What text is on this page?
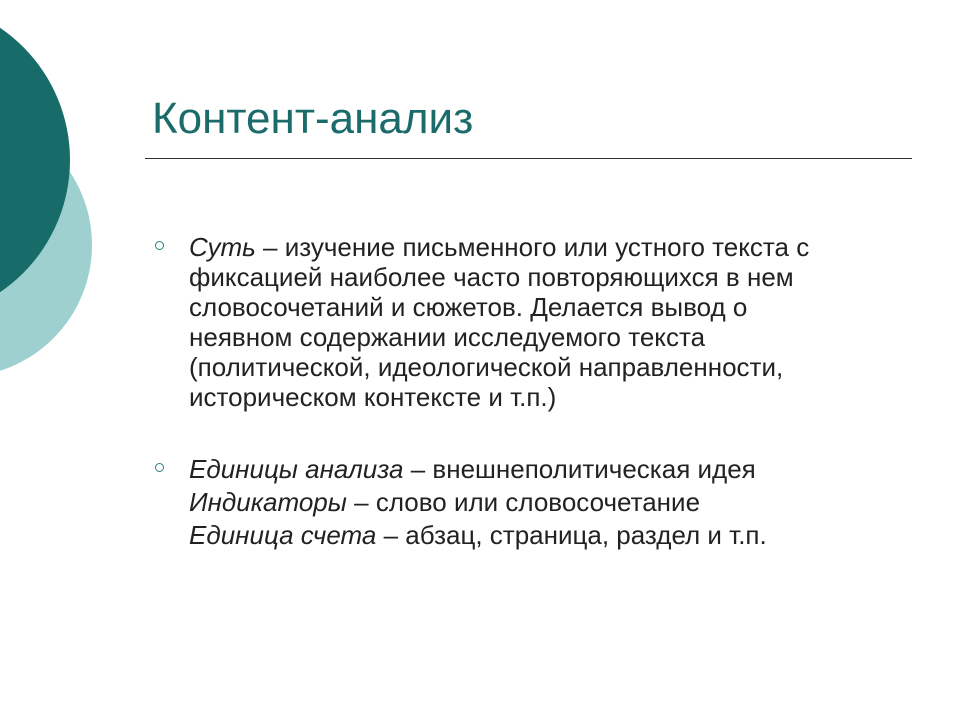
Контент-анализ
Суть – изучение письменного или устного текста с
фиксацией наиболее часто повторяющихся в нем
словосочетаний и сюжетов. Делается вывод о
неявном содержании исследуемого текста
(политической, идеологической направленности,
историческом контексте и т.п.)
Единицы анализа – внешнеполитическая идея
Индикаторы – слово или словосочетание
Единица счета – абзац, страница, раздел и т.п.
